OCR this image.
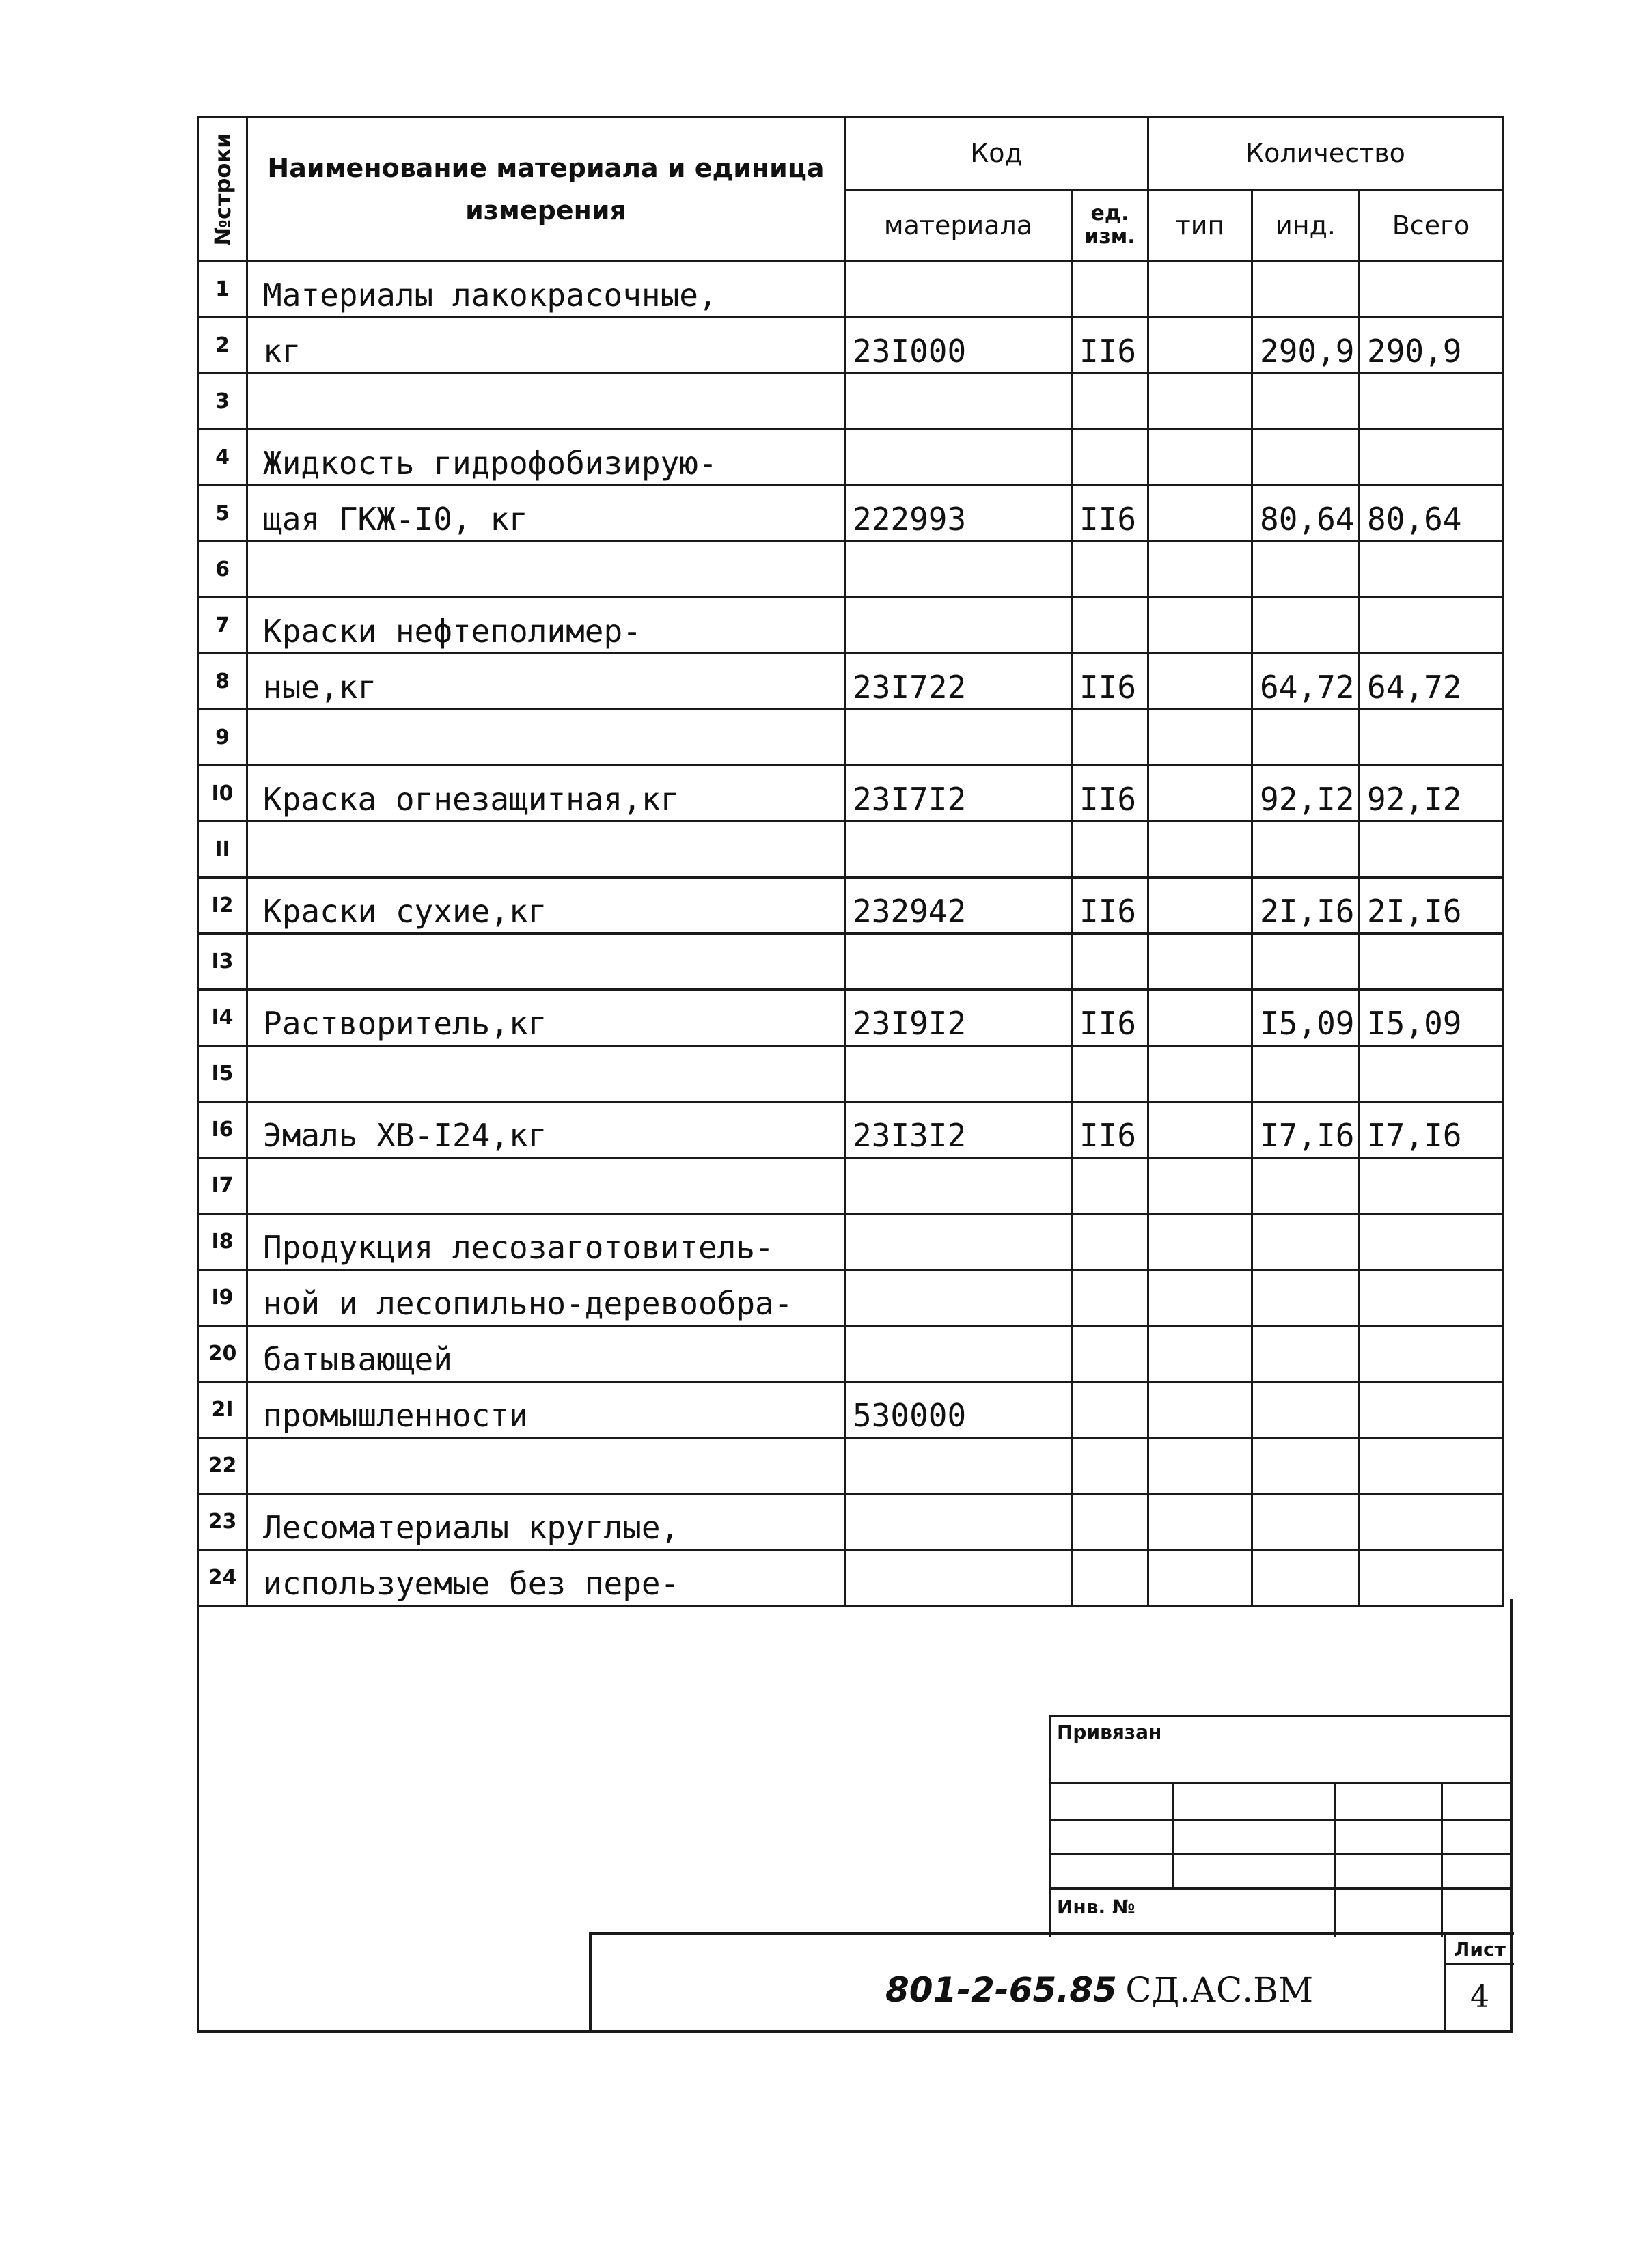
№строки	Наименование материала и единица измерения	Код		Количество		
		материала	ед. изм.	тип	инд.	Всего
1	Материалы лакокрасочные,					
2	кг	23I000	II6		290,9	290,9
3						
4	Жидкость гидрофобизирую-					
5	щая ГКЖ-I0, кг	222993	II6		80,64	80,64
6						
7	Краски нефтеполимер-					
8	ные,кг	23I722	II6		64,72	64,72
9						
I0	Краска огнезащитная,кг	23I7I2	II6		92,I2	92,I2
II						
I2	Краски сухие,кг	232942	II6		2I,I6	2I,I6
I3						
I4	Растворитель,кг	23I9I2	II6		I5,09	I5,09
I5						
I6	Эмаль ХВ-I24,кг	23I3I2	II6		I7,I6	I7,I6
I7						
I8	Продукция лесозаготовитель-					
I9	ной и лесопильно-деревообра-					
20	батывающей					
2I	промышленности	530000				
22						
23	Лесоматериалы круглые,					
24	используемые без пере-					
Привязан
Инв. №
801-2-65.85 СД.АС.ВМ
Лист
4
